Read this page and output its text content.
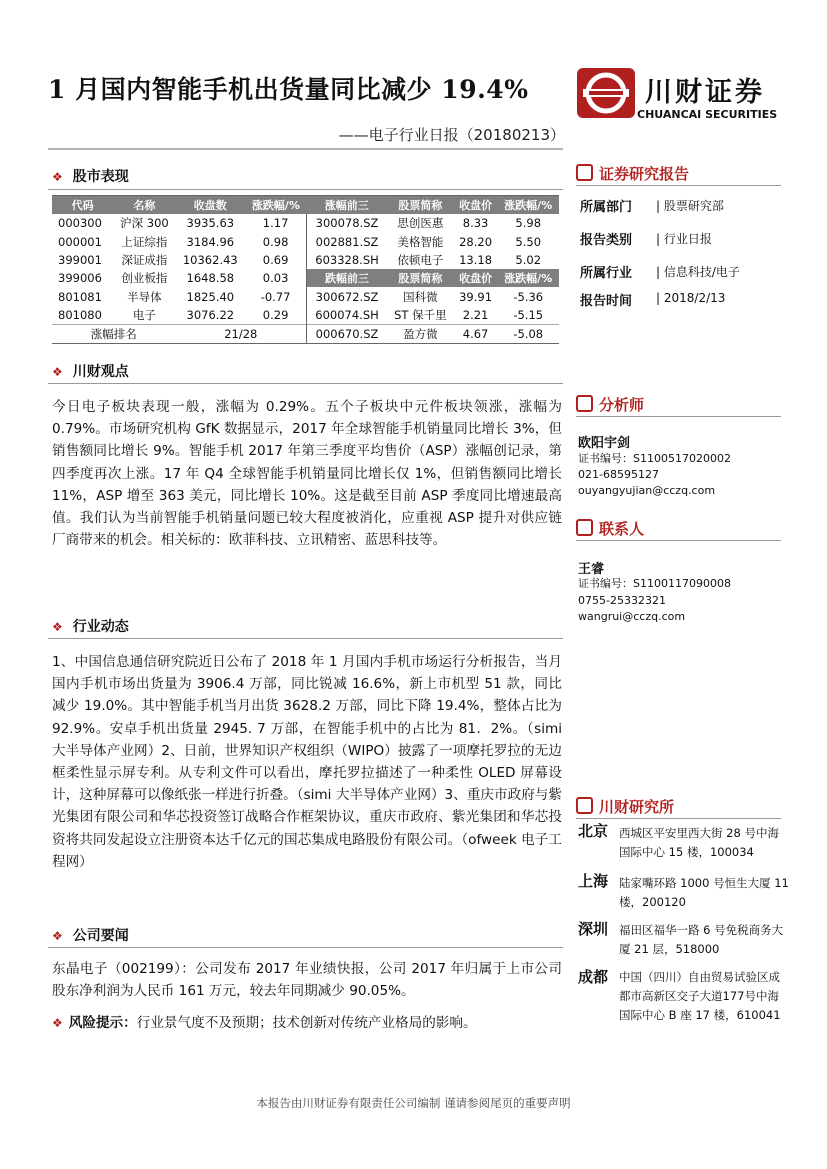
1 月国内智能手机出货量同比减少 19.4%
——电子行业日报（20180213）
川财证券
CHUANCAI SECURITIES
❖ 股市表现
代码	名称	收盘数	涨跌幅/%	涨幅前三	股票简称	收盘价	涨跌幅/%
000300	沪深 300	3935.63	1.17	300078.SZ	思创医惠	8.33	5.98
000001	上证综指	3184.96	0.98	002881.SZ	美格智能	28.20	5.50
399001	深证成指	10362.43	0.69	603328.SH	依顿电子	13.18	5.02
399006	创业板指	1648.58	0.03	跌幅前三	股票简称	收盘价	涨跌幅/%
801081	半导体	1825.40	-0.77	300672.SZ	国科微	39.91	-5.36
801080	电子	3076.22	0.29	600074.SH	ST 保千里	2.21	-5.15
涨幅排名		21/28		000670.SZ	盈方微	4.67	-5.08
❖ 川财观点
今日电子板块表现一般，涨幅为 0.29%。五个子板块中元件板块领涨，涨幅为 0.79%。市场研究机构 GfK 数据显示，2017 年全球智能手机销量同比增长 3%，但销售额同比增长 9%。智能手机 2017 年第三季度平均售价（ASP）涨幅创记录，第四季度再次上涨。17 年 Q4 全球智能手机销量同比增长仅 1%，但销售额同比增长 11%，ASP 增至 363 美元，同比增长 10%。这是截至目前 ASP 季度同比增速最高值。我们认为当前智能手机销量问题已较大程度被消化，应重视 ASP 提升对供应链厂商带来的机会。相关标的：欧菲科技、立讯精密、蓝思科技等。
❖ 行业动态
1、中国信息通信研究院近日公布了 2018 年 1 月国内手机市场运行分析报告，当月国内手机市场出货量为 3906.4 万部，同比锐减 16.6%，新上市机型 51 款，同比减少 19.0%。其中智能手机当月出货 3628.2 万部，同比下降 19.4%，整体占比为 92.9%。安卓手机出货量 2945. 7 万部，在智能手机中的占比为 81．2%。（simi 大半导体产业网）2、日前，世界知识产权组织（WIPO）披露了一项摩托罗拉的无边框柔性显示屏专利。从专利文件可以看出，摩托罗拉描述了一种柔性 OLED 屏幕设计，这种屏幕可以像纸张一样进行折叠。（simi 大半导体产业网）3、重庆市政府与紫光集团有限公司和华芯投资签订战略合作框架协议，重庆市政府、紫光集团和华芯投资将共同发起设立注册资本达千亿元的国芯集成电路股份有限公司。（ofweek 电子工程网）
❖ 公司要闻
东晶电子（002199）：公司发布 2017 年业绩快报，公司 2017 年归属于上市公司股东净利润为人民币 161 万元，较去年同期减少 90.05%。
❖ 风险提示：行业景气度不及预期；技术创新对传统产业格局的影响。
证券研究报告
所属部门 | 股票研究部
报告类别 | 行业日报
所属行业 | 信息科技/电子
报告时间 | 2018/2/13
分析师
欧阳宇剑
证书编号：S1100517020002
021-68595127
ouyangyujian@cczq.com
联系人
王睿
证书编号：S1100117090008
0755-25332321
wangrui@cczq.com
川财研究所
北京 西城区平安里西大街 28 号中海国际中心 15 楼，100034
上海 陆家嘴环路 1000 号恒生大厦 11 楼，200120
深圳 福田区福华一路 6 号免税商务大厦 21 层，518000
成都 中国（四川）自由贸易试验区成都市高新区交子大道177号中海国际中心 B 座 17 楼，610041
本报告由川财证券有限责任公司编制 谨请参阅尾页的重要声明
